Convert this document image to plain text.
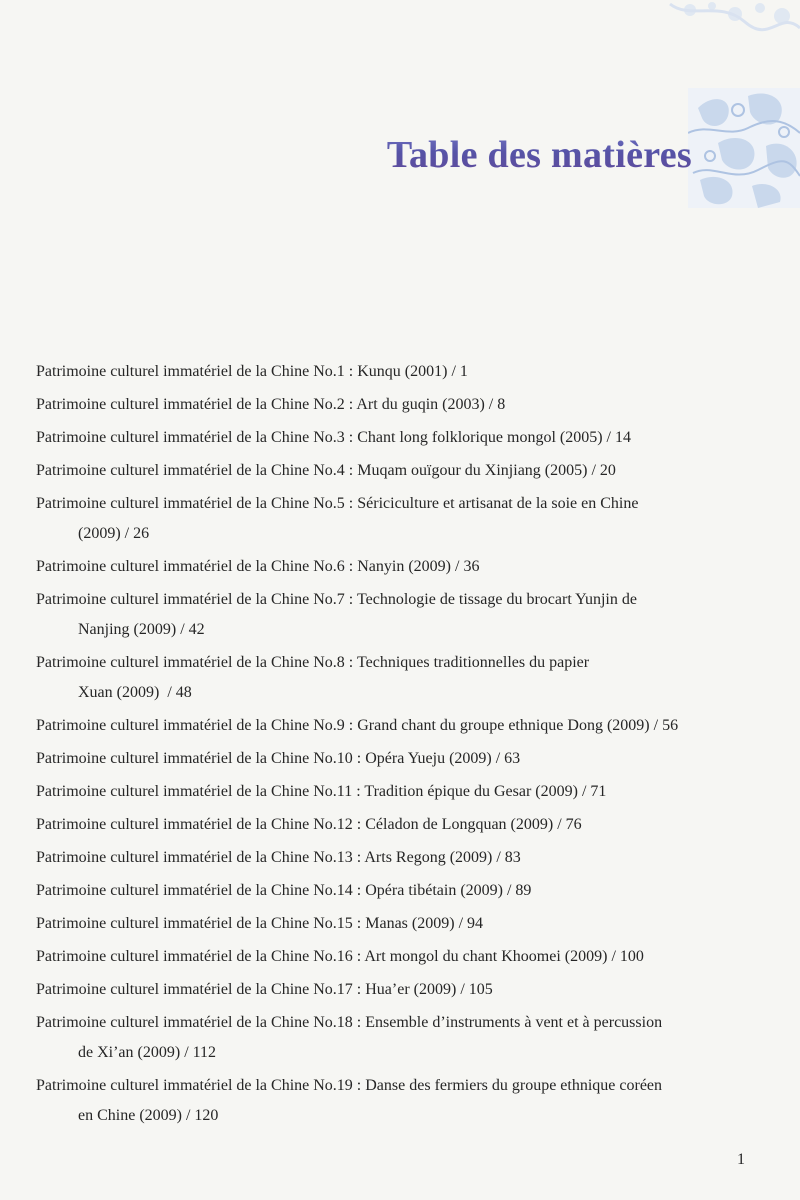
Table des matières
Patrimoine culturel immatériel de la Chine No.1 : Kunqu (2001) / 1
Patrimoine culturel immatériel de la Chine No.2 : Art du guqin (2003) / 8
Patrimoine culturel immatériel de la Chine No.3 : Chant long folklorique mongol (2005) / 14
Patrimoine culturel immatériel de la Chine No.4 : Muqam ouïgour du Xinjiang (2005) / 20
Patrimoine culturel immatériel de la Chine No.5 : Sériciculture et artisanat de la soie en Chine
(2009) / 26
Patrimoine culturel immatériel de la Chine No.6 : Nanyin (2009) / 36
Patrimoine culturel immatériel de la Chine No.7 : Technologie de tissage du brocart Yunjin de
Nanjing (2009) / 42
Patrimoine culturel immatériel de la Chine No.8 : Techniques traditionnelles du papier
Xuan (2009)  / 48
Patrimoine culturel immatériel de la Chine No.9 : Grand chant du groupe ethnique Dong (2009) / 56
Patrimoine culturel immatériel de la Chine No.10 : Opéra Yueju (2009) / 63
Patrimoine culturel immatériel de la Chine No.11 : Tradition épique du Gesar (2009) / 71
Patrimoine culturel immatériel de la Chine No.12 : Céladon de Longquan (2009) / 76
Patrimoine culturel immatériel de la Chine No.13 : Arts Regong (2009) / 83
Patrimoine culturel immatériel de la Chine No.14 : Opéra tibétain (2009) / 89
Patrimoine culturel immatériel de la Chine No.15 : Manas (2009) / 94
Patrimoine culturel immatériel de la Chine No.16 : Art mongol du chant Khoomei (2009) / 100
Patrimoine culturel immatériel de la Chine No.17 : Hua’er (2009) / 105
Patrimoine culturel immatériel de la Chine No.18 : Ensemble d’instruments à vent et à percussion
de Xi’an (2009) / 112
Patrimoine culturel immatériel de la Chine No.19 : Danse des fermiers du groupe ethnique coréen
en Chine (2009) / 120
1
